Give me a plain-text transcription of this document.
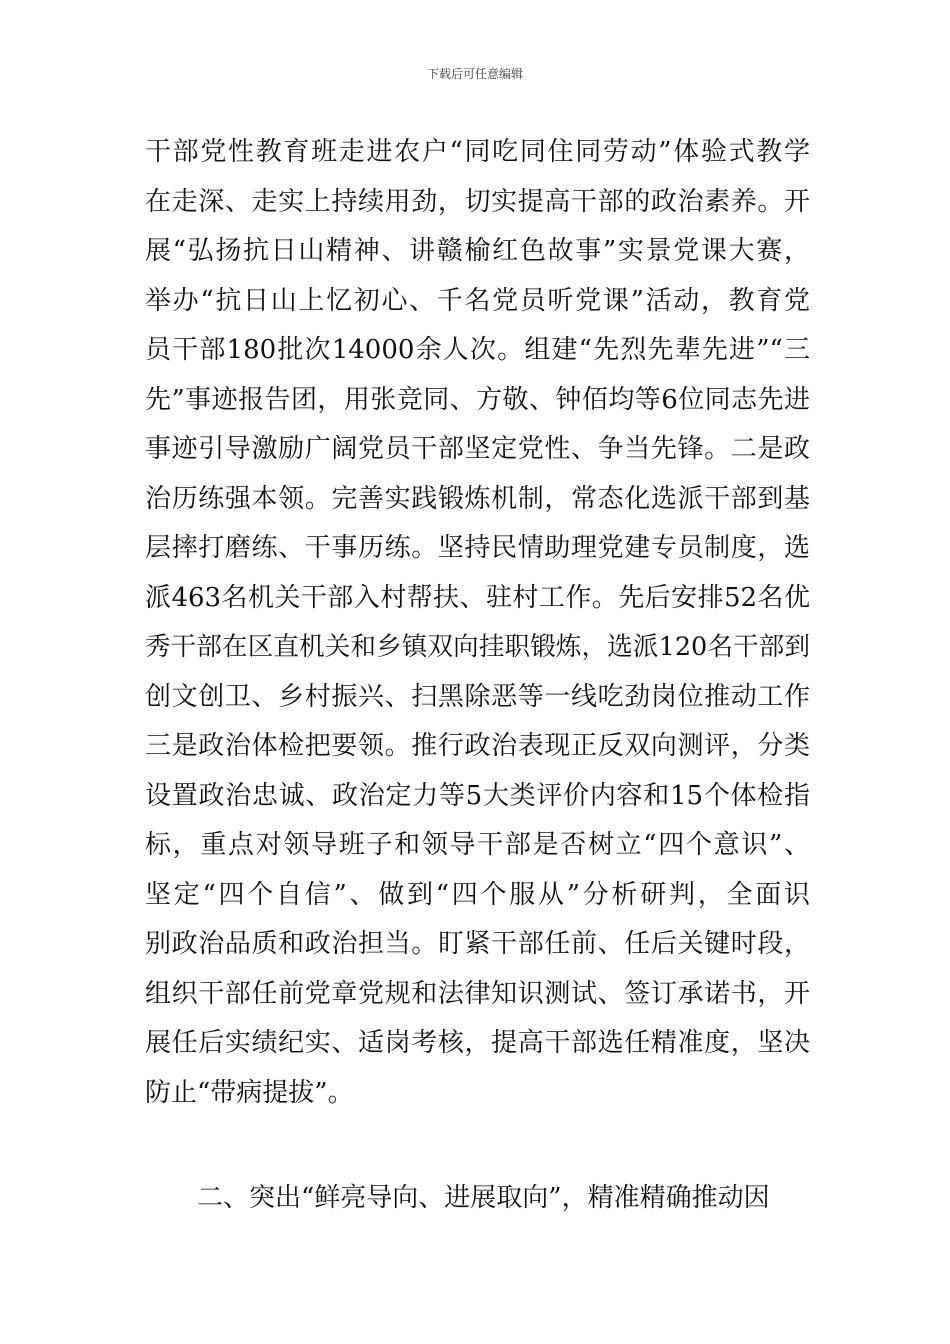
下载后可任意编辑
干部党性教育班走进农户“同吃同住同劳动”体验式教学
在走深、走实上持续用劲，切实提高干部的政治素养。开
展“弘扬抗日山精神、讲赣榆红色故事”实景党课大赛，
举办“抗日山上忆初心、千名党员听党课”活动，教育党
员干部180批次14000余人次。组建“先烈先辈先进”“三
先”事迹报告团，用张竞同、方敬、钟佰均等6位同志先进
事迹引导激励广阔党员干部坚定党性、争当先锋。二是政
治历练强本领。完善实践锻炼机制，常态化选派干部到基
层摔打磨练、干事历练。坚持民情助理党建专员制度，选
派463名机关干部入村帮扶、驻村工作。先后安排52名优
秀干部在区直机关和乡镇双向挂职锻炼，选派120名干部到
创文创卫、乡村振兴、扫黑除恶等一线吃劲岗位推动工作
三是政治体检把要领。推行政治表现正反双向测评，分类
设置政治忠诚、政治定力等5大类评价内容和15个体检指
标，重点对领导班子和领导干部是否树立“四个意识”、
坚定“四个自信”、做到“四个服从”分析研判，全面识
别政治品质和政治担当。盯紧干部任前、任后关键时段，
组织干部任前党章党规和法律知识测试、签订承诺书，开
展任后实绩纪实、适岗考核，提高干部选任精准度，坚决
防止“带病提拔”。
二、突出“鲜亮导向、进展取向”，精准精确推动因
